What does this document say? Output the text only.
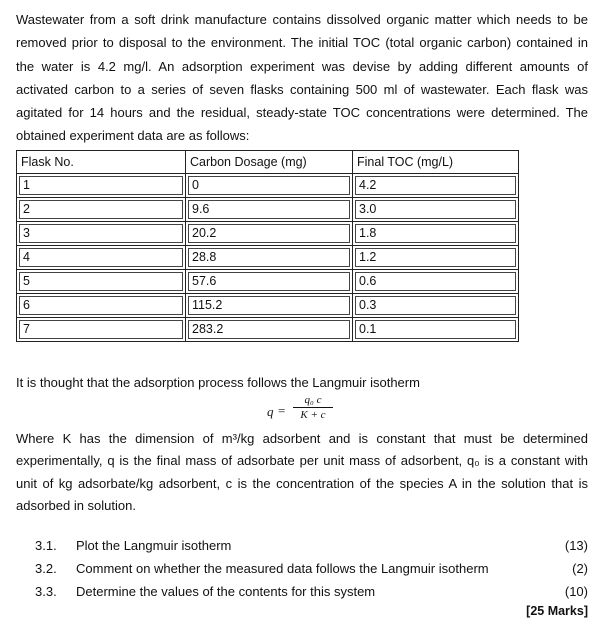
Wastewater from a soft drink manufacture contains dissolved organic matter which needs to be removed prior to disposal to the environment. The initial TOC (total organic carbon) contained in the water is 4.2 mg/l. An adsorption experiment was devise by adding different amounts of activated carbon to a series of seven flasks containing 500 ml of wastewater. Each flask was agitated for 14 hours and the residual, steady-state TOC concentrations were determined. The obtained experiment data are as follows:

Flask No.	Carbon Dosage (mg)	Final TOC (mg/L)

1	0	4.2

2	9.6	3.0

3	20.2	1.8

4	28.8	1.2

5	57.6	0.6

6	115.2	0.3

7	283.2	0.1
It is thought that the adsorption process follows the Langmuir isotherm
$q = \frac{\text{q₀ c}}{K + c}$

Where K has the dimension of m³/kg adsorbent and is constant that must be determined experimentally, q is the final mass of adsorbate per unit mass of adsorbent, q₀ is a constant with unit of kg adsorbate/kg adsorbent, c is the concentration of the species A in the solution that is adsorbed in solution.

3.1. Plot the Langmuir isotherm	(13)
3.2. Comment on whether the measured data follows the Langmuir isotherm	(2)
3.3. Determine the values of the contents for this system	(10)
[25 Marks]
